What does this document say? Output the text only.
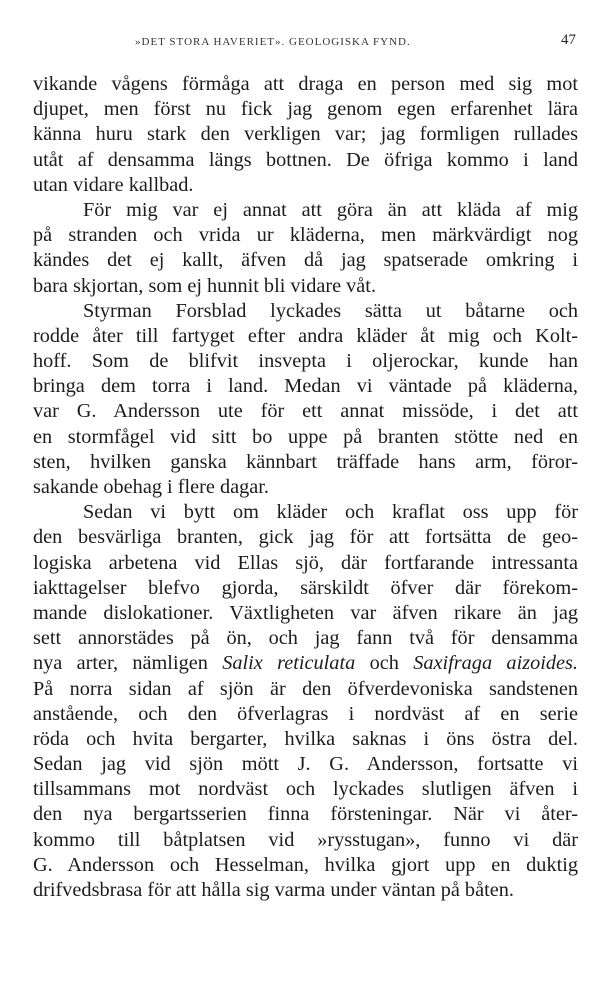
»DET STORA HAVERIET». GEOLOGISKA FYND.	47
vikande vågens förmåga att draga en person med sig mot
djupet, men först nu fick jag genom egen erfarenhet lära
känna huru stark den verkligen var; jag formligen rullades
utåt af densamma längs bottnen. De öfriga kommo i land
utan vidare kallbad.
För mig var ej annat att göra än att kläda af mig
på stranden och vrida ur kläderna, men märkvärdigt nog
kändes det ej kallt, äfven då jag spatserade omkring i
bara skjortan, som ej hunnit bli vidare våt.
Styrman Forsblad lyckades sätta ut båtarne och
rodde åter till fartyget efter andra kläder åt mig och Kolt-
hoff. Som de blifvit insvepta i oljerockar, kunde han
bringa dem torra i land. Medan vi väntade på kläderna,
var G. Andersson ute för ett annat missöde, i det att
en stormfågel vid sitt bo uppe på branten stötte ned en
sten, hvilken ganska kännbart träffade hans arm, föror-
sakande obehag i flere dagar.
Sedan vi bytt om kläder och kraflat oss upp för
den besvärliga branten, gick jag för att fortsätta de geo-
logiska arbetena vid Ellas sjö, där fortfarande intressanta
iakttagelser blefvo gjorda, särskildt öfver där förekom-
mande dislokationer. Växtligheten var äfven rikare än jag
sett annorstädes på ön, och jag fann två för densamma
nya arter, nämligen Salix reticulata och Saxifraga aizoides.
På norra sidan af sjön är den öfverdevoniska sandstenen
anstående, och den öfverlagras i nordväst af en serie
röda och hvita bergarter, hvilka saknas i öns östra del.
Sedan jag vid sjön mött J. G. Andersson, fortsatte vi
tillsammans mot nordväst och lyckades slutligen äfven i
den nya bergartsserien finna försteningar. När vi åter-
kommo till båtplatsen vid »rysstugan», funno vi där
G. Andersson och Hesselman, hvilka gjort upp en duktig
drifvedsbrasa för att hålla sig varma under väntan på båten.
